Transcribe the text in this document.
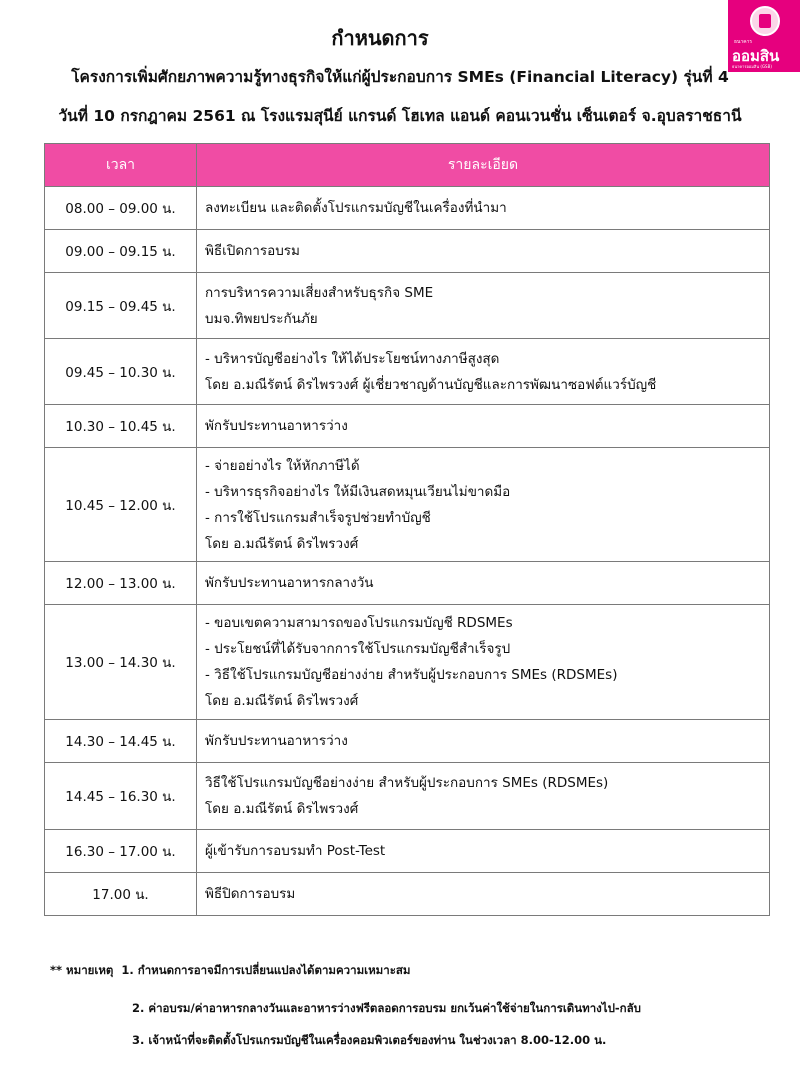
ธนาคาร
ออมสิน
ธนาคารออมสิน (GSB)
กำหนดการ
โครงการเพิ่มศักยภาพความรู้ทางธุรกิจให้แก่ผู้ประกอบการ SMEs (Financial Literacy) รุ่นที่ 4
วันที่ 10 กรกฎาคม 2561 ณ โรงแรมสุนีย์ แกรนด์ โฮเทล แอนด์ คอนเวนชั่น เซ็นเตอร์ จ.อุบลราชธานี
เวลา	รายละเอียด
08.00 – 09.00 น.	ลงทะเบียน และติดตั้งโปรแกรมบัญชีในเครื่องที่นำมา

09.00 – 09.15 น.	พิธีเปิดการอบรม

09.15 – 09.45 น.	การบริหารความเสี่ยงสำหรับธุรกิจ SME
บมจ.ทิพยประกันภัย

09.45 – 10.30 น.	- บริหารบัญชีอย่างไร ให้ได้ประโยชน์ทางภาษีสูงสุด
โดย อ.มณีรัตน์ ดิรไพรวงศ์ ผู้เชี่ยวชาญด้านบัญชีและการพัฒนาซอฟต์แวร์บัญชี

10.30 – 10.45 น.	พักรับประทานอาหารว่าง

10.45 – 12.00 น.	- จ่ายอย่างไร ให้หักภาษีได้
- บริหารธุรกิจอย่างไร ให้มีเงินสดหมุนเวียนไม่ขาดมือ
- การใช้โปรแกรมสำเร็จรูปช่วยทำบัญชี
โดย อ.มณีรัตน์ ดิรไพรวงศ์

12.00 – 13.00 น.	พักรับประทานอาหารกลางวัน

13.00 – 14.30 น.	- ขอบเขตความสามารถของโปรแกรมบัญชี RDSMEs
- ประโยชน์ที่ได้รับจากการใช้โปรแกรมบัญชีสำเร็จรูป
- วิธีใช้โปรแกรมบัญชีอย่างง่าย สำหรับผู้ประกอบการ SMEs (RDSMEs)
โดย อ.มณีรัตน์ ดิรไพรวงศ์

14.30 – 14.45 น.	พักรับประทานอาหารว่าง

14.45 – 16.30 น.	วิธีใช้โปรแกรมบัญชีอย่างง่าย สำหรับผู้ประกอบการ SMEs (RDSMEs)
โดย อ.มณีรัตน์ ดิรไพรวงศ์

16.30 – 17.00 น.	ผู้เข้ารับการอบรมทำ Post-Test

17.00 น.	พิธีปิดการอบรม
** หมายเหตุ 1. กำหนดการอาจมีการเปลี่ยนแปลงได้ตามความเหมาะสม
2. ค่าอบรม/ค่าอาหารกลางวันและอาหารว่างฟรีตลอดการอบรม ยกเว้นค่าใช้จ่ายในการเดินทางไป-กลับ
3. เจ้าหน้าที่จะติดตั้งโปรแกรมบัญชีในเครื่องคอมพิวเตอร์ของท่าน ในช่วงเวลา 8.00-12.00 น.
